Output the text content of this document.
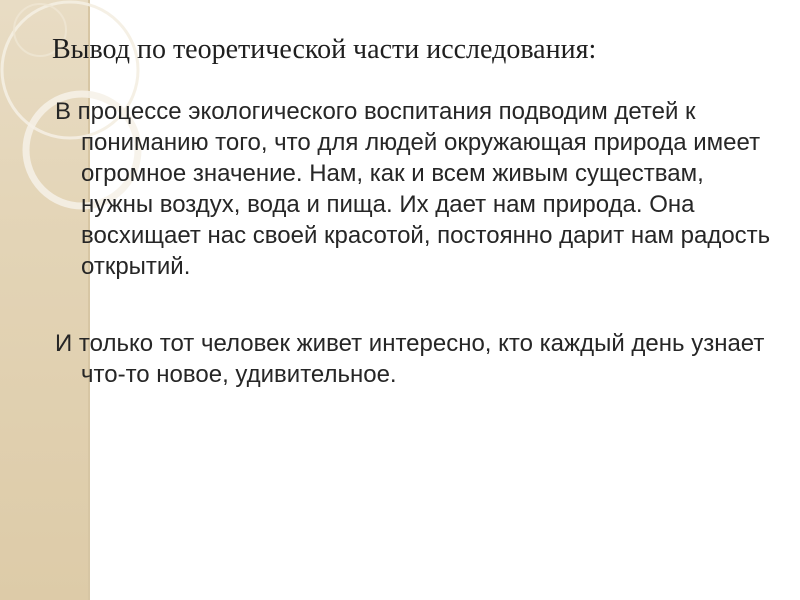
Вывод по теоретической части исследования:

В процессе экологического воспитания подводим детей к пониманию того, что для людей окружающая природа имеет огромное значение. Нам, как и всем живым существам, нужны воздух, вода и пища. Их дает нам природа. Она восхищает нас своей красотой, постоянно дарит нам радость открытий.

И только тот человек живет интересно, кто каждый день узнает что-то новое, удивительное.
